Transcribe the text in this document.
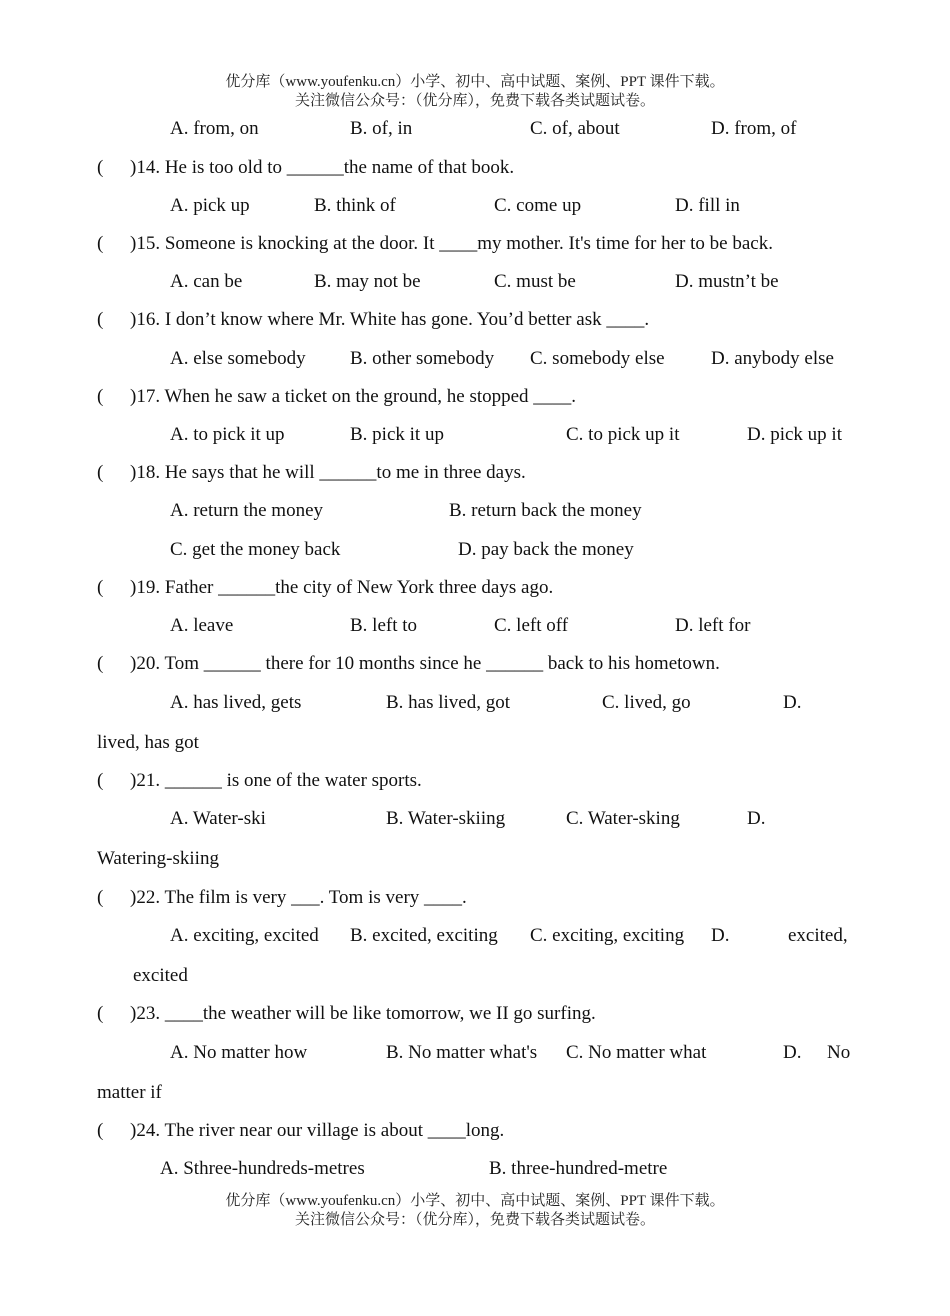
优分库（www.youfenku.cn）小学、初中、高中试题、案例、PPT 课件下载。
关注微信公众号：（优分库），免费下载各类试题试卷。
A. from, on	B. of, in	C. of, about	D. from, of
( )14. He is too old to ______the name of that book.
A. pick up	B. think of	C. come up	D. fill in
( )15. Someone is knocking at the door. It ____my mother. It's time for her to be back.
A. can be	B. may not be	C. must be	D. mustn’t be
( )16. I don’t know where Mr. White has gone. You’d better ask ____.
A. else somebody B. other somebody C. somebody else D. anybody else
( )17. When he saw a ticket on the ground, he stopped ____.
A. to pick it up	B. pick it up	C. to pick up it	D. pick up it
( )18. He says that he will ______to me in three days.
A. return the money	B. return back the money
C. get the money back	D. pay back the money
( )19. Father ______the city of New York three days ago.
A. leave	B. left to	C. left off	D. left for
( )20. Tom ______ there for 10 months since he ______ back to his hometown.
A. has lived, gets	B. has lived, got	C. lived, go	D.
lived, has got
( )21. ______ is one of the water sports.
A. Water-ski	B. Water-skiing	C. Water-sking	D.
Watering-skiing
( )22. The film is very ___. Tom is very ____.
A. exciting, excited B. excited, exciting C. exciting, exciting D.	excited,
excited
( )23. ____the weather will be like tomorrow, we II go surfing.
A. No matter how	B. No matter what's C. No matter what	D. No
matter if
( )24. The river near our village is about ____long.
A. Sthree-hundreds-metres	B. three-hundred-metre
优分库（www.youfenku.cn）小学、初中、高中试题、案例、PPT 课件下载。
关注微信公众号：（优分库），免费下载各类试题试卷。
